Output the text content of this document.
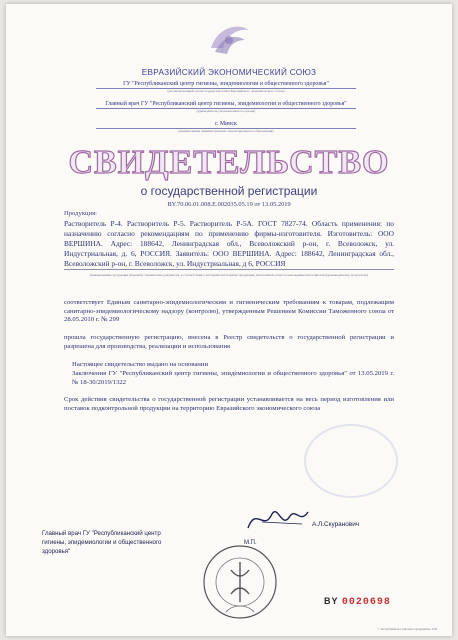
ЕВРАЗИЙСКИЙ ЭКОНОМИЧЕСКИЙ СОЮЗ
ГУ "Республиканский центр гигиены, эпидемиологии и общественного здоровья"
(уполномоченный орган государства-члена Евразийского экономического союза)
Главный врач ГУ "Республиканский центр гигиены, эпидемиологии и общественного здоровья"
(руководитель уполномоченного органа)
г. Минск
(наименование административно-территориального образования)
СВИДЕТЕЛЬСТВО
о государственной регистрации
BY.70.06.01.008.E.002035.05.19 от 13.05.2019
Продукция:
Растворитель Р-4. Растворитель Р-5. Растворитель Р-5А. ГОСТ 7827-74. Область применения: по назначению согласно рекомендациям по применению фирмы-изготовителя. Изготовитель: ООО ВЕРШИНА. Адрес: 188642, Ленинградская обл., Всеволожский р-он, г. Всеволожск, ул. Индустриальная, д. 6, РОССИЯ. Заявитель: ООО ВЕРШИНА. Адрес: 188642, Ленинградская обл., Всеволожский р-он, г. Всеволожск, ул. Индустриальная, д 6, РОССИЯ
(наименование продукции (изделия), технические документы, в соответствии с которыми изготовлена продукция, изготовитель и место нахождения изготовителя (производителя), получатель)
соответствует Единым санитарно-эпидемиологическим и гигиеническим требованиям к товарам, подлежащим санитарно-эпидемиологическому надзору (контролю), утвержденным Решением Комиссии Таможенного союза от 28.05.2010 г. № 299
прошла государственную регистрацию, внесена в Реестр свидетельств о государственной регистрации и разрешена для производства, реализации и использования
Настоящее свидетельство выдано на основании
Заключения ГУ "Республиканский центр гигиены, эпидемиологии и общественного здоровья" от 13.05.2019 г. № 18-30/2019/1322
Срок действия свидетельства о государственной регистрации устанавливается на весь период изготовления или поставок подконтрольной продукции на территорию Евразийского экономического союза
Главный врач ГУ "Республиканский центр гигиены, эпидемиологии и общественного здоровья"
А.Л.Скуранович
М.П.
BY 0020698
© Республиканское унитарное предприятие, 2019
